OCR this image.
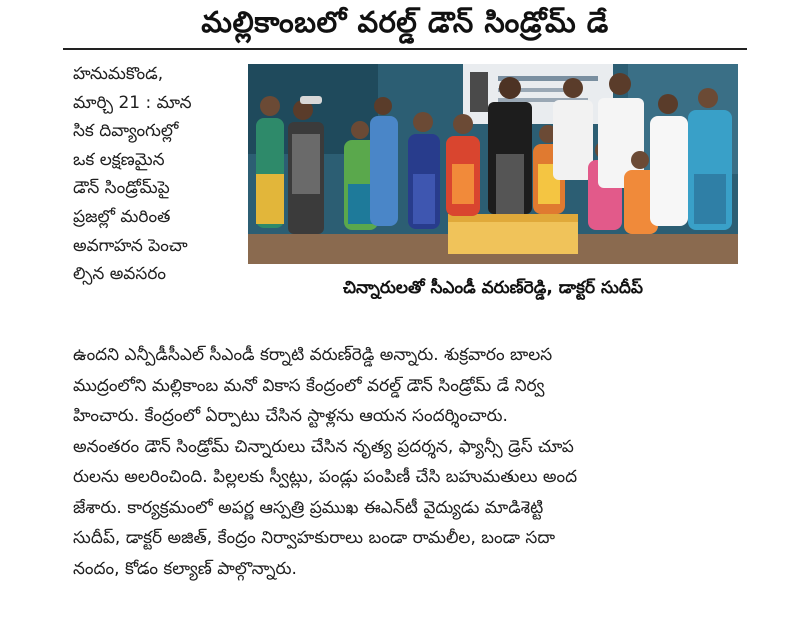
మల్లికాంబలో వరల్డ్‌ డౌన్‌ సిండ్రోమ్‌ డే
హనుమకొండ,
మార్చి 21 : మాన
సిక దివ్యాంగుల్లో
ఒక లక్షణమైన
డౌన్‌ సిండ్రోమ్‌పై
ప్రజల్లో మరింత
అవగాహన పెంచా
ల్సిన అవసరం
చిన్నారులతో సీఎండీ వరుణ్‌రెడ్డి, డాక్టర్‌ సుదీప్‌
ఉందని ఎన్పీడీసీఎల్‌ సీఎండీ కర్నాటి వరుణ్‌రెడ్డి అన్నారు. శుక్రవారం బాలస
ముద్రంలోని మల్లికాంబ మనో వికాస కేంద్రంలో వరల్డ్‌ డౌన్‌ సిండ్రోమ్‌ డే నిర్వ
హించారు. కేంద్రంలో ఏర్పాటు చేసిన స్టాళ్లను ఆయన సందర్శించారు.
అనంతరం డౌన్‌ సిండ్రోమ్‌ చిన్నారులు చేసిన నృత్య ప్రదర్శన, ఫ్యాన్సీ డ్రెస్‌ చూప
రులను అలరించింది. పిల్లలకు స్వీట్లు, పండ్లు పంపిణీ చేసి బహుమతులు అంద
జేశారు. కార్యక్రమంలో అపర్ణ ఆస్పత్రి ప్రముఖ ఈఎన్‌టీ వైద్యుడు మాడిశెట్టి
సుదీప్‌, డాక్టర్‌ అజిత్‌, కేంద్రం నిర్వాహకురాలు బండా రామలీల, బండా సదా
నందం, కోడం కల్యాణ్‌ పాల్గొన్నారు.
